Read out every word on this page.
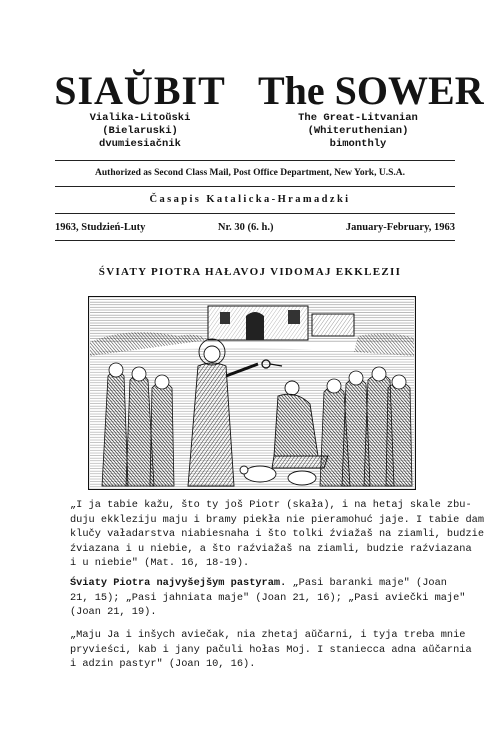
SIAŬBIT
Vialika-Litoŭski
(Bielaruski)
dvumiesiačnik
The SOWER
The Great-Litvanian
(Whiteruthenian)
bimonthly
Authorized as Second Class Mail, Post Office Department, New York, U.S.A.
Časapis Katalicka-Hramadzki
1963, Studzień-Luty	Nr. 30 (6. h.)	January-February, 1963
ŚVIATY PIOTRA HAŁAVOJ VIDOMAJ EKKLEZII
„I ja tabie kažu, što ty još Piotr (skała), i na hetaj skale zbu-
duju ekkleziju maju i bramy piekła nie pieramohuć jaje. I tabie dam
klučy vaładarstva niabiesnaha i što tolki źviažaš na ziamli, budzie
źviazana i u niebie, a što raźviažaš na ziamli, budzie raźviazana
i u niebie" (Mat. 16, 18-19).
Śviaty Piotra najvyšejšym pastyram. „Pasi baranki maje" (Joan
21, 15); „Pasi jahniata maje" (Joan 21, 16); „Pasi aviečki maje"
(Joan 21, 19).
„Maju Ja i inšych aviečak, nia zhetaj aŭčarni, i tyja treba mnie
pryvieści, kab i jany pačuli hołas Moj. I staniecca adna aŭčarnia
i adzin pastyr" (Joan 10, 16).
